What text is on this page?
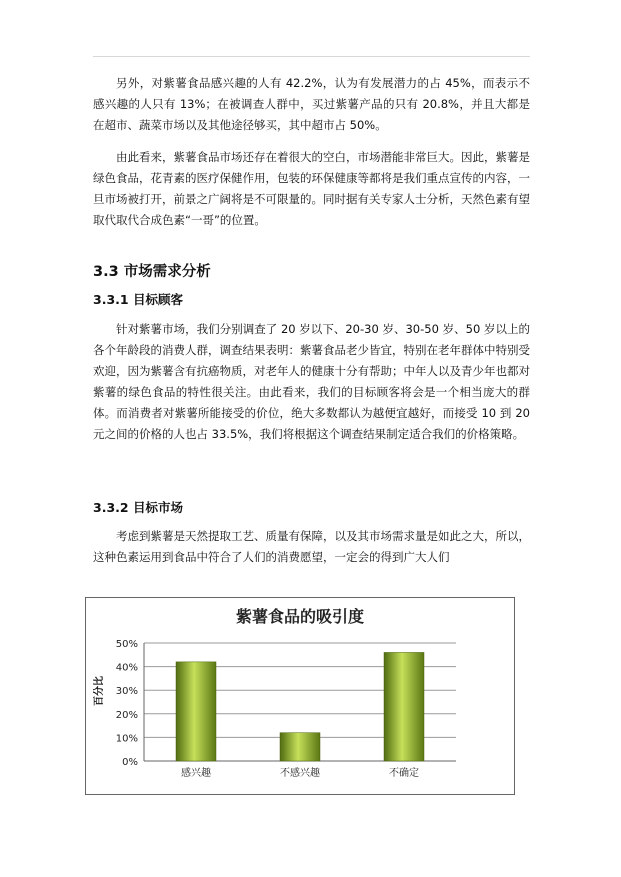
另外，对紫薯食品感兴趣的人有 42.2%，认为有发展潜力的占 45%，而表示不感兴趣的人只有 13%；在被调查人群中，买过紫薯产品的只有 20.8%，并且大都是在超市、蔬菜市场以及其他途径够买，其中超市占 50%。

由此看来，紫薯食品市场还存在着很大的空白，市场潜能非常巨大。因此，紫薯是绿色食品，花青素的医疗保健作用，包装的环保健康等都将是我们重点宣传的内容，一旦市场被打开，前景之广阔将是不可限量的。同时据有关专家人士分析，天然色素有望取代取代合成色素“一哥”的位置。

3.3 市场需求分析
3.3.1 目标顾客

针对紫薯市场，我们分别调查了 20 岁以下、20-30 岁、30-50 岁、50 岁以上的各个年龄段的消费人群，调查结果表明：紫薯食品老少皆宜，特别在老年群体中特别受欢迎，因为紫薯含有抗癌物质，对老年人的健康十分有帮助；中年人以及青少年也都对紫薯的绿色食品的特性很关注。由此看来，我们的目标顾客将会是一个相当庞大的群体。而消费者对紫薯所能接受的价位，绝大多数都认为越便宜越好，而接受 10 到 20 元之间的价格的人也占 33.5%，我们将根据这个调查结果制定适合我们的价格策略。

3.3.2 目标市场

考虑到紫薯是天然提取工艺、质量有保障，以及其市场需求量是如此之大，所以，这种色素运用到食品中符合了人们的消费愿望，一定会的得到广大人们

紫薯食品的吸引度
百分比
0%
10%
20%
30%
40%
50%
感兴趣	不感兴趣	不确定
